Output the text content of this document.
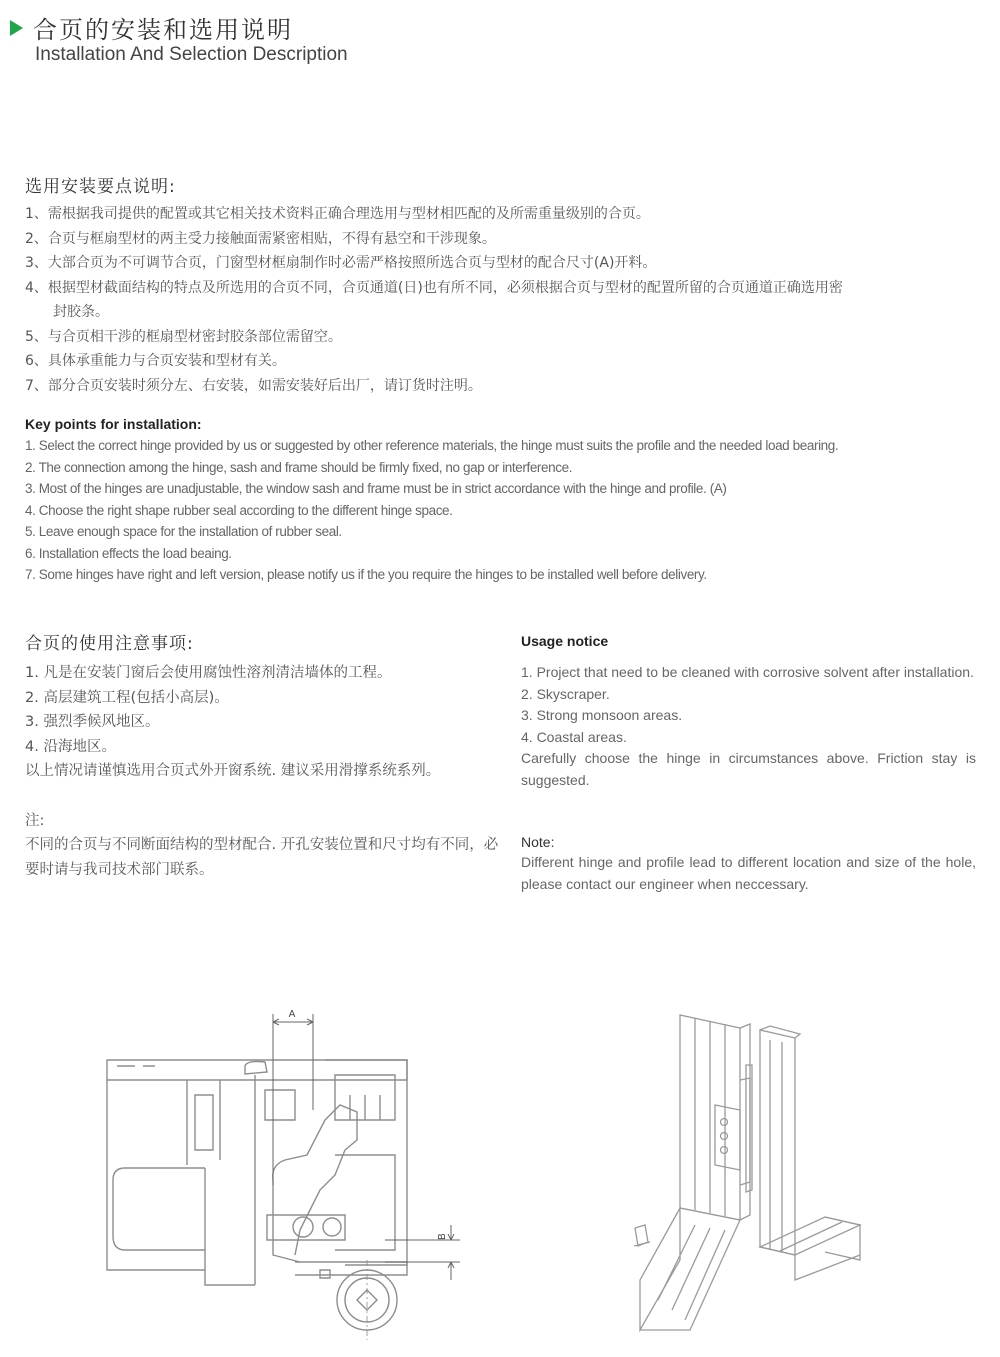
合页的安装和选用说明
Installation And Selection Description
选用安装要点说明:
1、需根据我司提供的配置或其它相关技术资料正确合理选用与型材相匹配的及所需重量级别的合页。
2、合页与框扇型材的两主受力接触面需紧密相贴，不得有悬空和干涉现象。
3、大部合页为不可调节合页，门窗型材框扇制作时必需严格按照所选合页与型材的配合尺寸(A)开料。
4、根据型材截面结构的特点及所选用的合页不同，合页通道(日)也有所不同，必须根据合页与型材的配置所留的合页通道正确选用密
封胶条。
5、与合页相干涉的框扇型材密封胶条部位需留空。
6、具体承重能力与合页安装和型材有关。
7、部分合页安装时须分左、右安装，如需安装好后出厂，请订货时注明。
Key points for installation:
1. Select the correct hinge provided by us or suggested by other reference materials, the hinge must suits the profile and the needed load bearing.
2. The connection among the hinge, sash and frame should be firmly fixed, no gap or interference.
3. Most of the hinges are unadjustable, the window sash and frame must be in strict accordance with the hinge and profile. (A)
4. Choose the right shape rubber seal according to the different hinge space.
5. Leave enough space for the installation of rubber seal.
6. Installation effects the load beaing.
7. Some hinges have right and left version, please notify us if the you require the hinges to be installed well before delivery.
合页的使用注意事项:
1. 凡是在安装门窗后会使用腐蚀性溶剂清洁墙体的工程。
2. 高层建筑工程(包括小高层)。
3. 强烈季候风地区。
4. 沿海地区。
以上情况请谨慎选用合页式外开窗系统. 建议采用滑撑系统系列。

注:

不同的合页与不同断面结构的型材配合. 开孔安装位置和尺寸均有不同，必要时请与我司技术部门联系。

Usage notice

1. Project that need to be cleaned with corrosive solvent after installation.

2. Skyscraper.

3. Strong monsoon areas.

4. Coastal areas.

Carefully choose the hinge in circumstances above. Friction stay is suggested.

Note:

Different hinge and profile lead to different location and size of the hole, please contact our engineer when neccessary.

A
B
